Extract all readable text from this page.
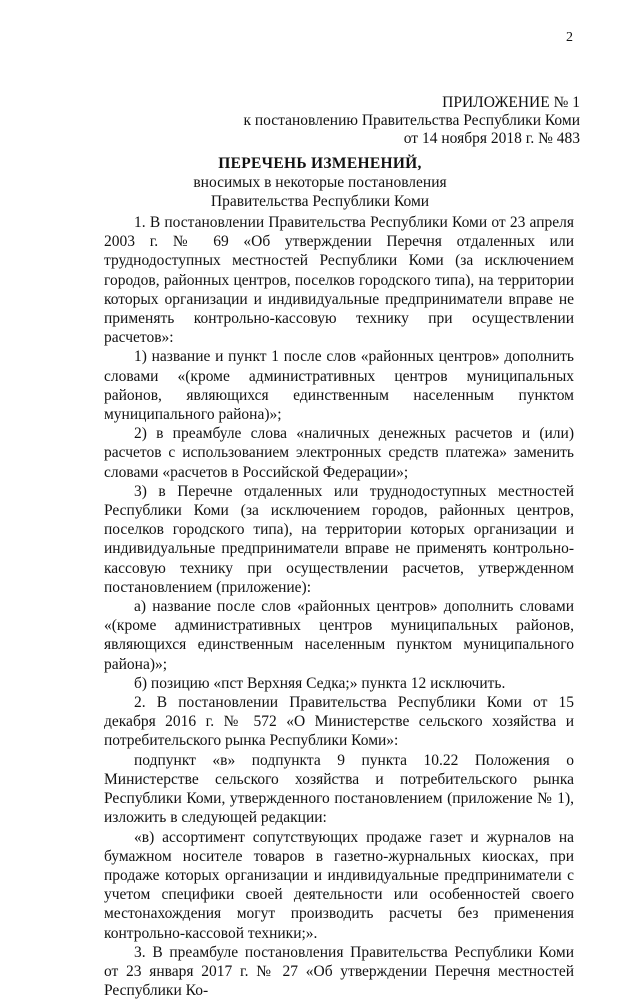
2
ПРИЛОЖЕНИЕ № 1
к постановлению Правительства Республики Коми
от 14 ноября 2018 г. № 483
ПЕРЕЧЕНЬ ИЗМЕНЕНИЙ,
вносимых в некоторые постановления
Правительства Республики Коми

1. В постановлении Правительства Республики Коми от 23 апреля 2003 г. № 69 «Об утверждении Перечня отдаленных или труднодоступных местностей Республики Коми (за исключением городов, районных центров, поселков городского типа), на территории которых организации и индивидуальные предприниматели вправе не применять контрольно-кассовую технику при осуществлении расчетов»:

1) название и пункт 1 после слов «районных центров» дополнить словами «(кроме административных центров муниципальных районов, являющихся единственным населенным пунктом муниципального района)»;

2) в преамбуле слова «наличных денежных расчетов и (или) расчетов с использованием электронных средств платежа» заменить словами «расчетов в Российской Федерации»;

3) в Перечне отдаленных или труднодоступных местностей Республики Коми (за исключением городов, районных центров, поселков городского типа), на территории которых организации и индивидуальные предприниматели вправе не применять контрольно-кассовую технику при осуществлении расчетов, утвержденном постановлением (приложение):

а) название после слов «районных центров» дополнить словами «(кроме административных центров муниципальных районов, являющихся единственным населенным пунктом муниципального района)»;

б) позицию «пст Верхняя Седка;» пункта 12 исключить.

2. В постановлении Правительства Республики Коми от 15 декабря 2016 г. № 572 «О Министерстве сельского хозяйства и потребительского рынка Республики Коми»:

подпункт «в» подпункта 9 пункта 10.22 Положения о Министерстве сельского хозяйства и потребительского рынка Республики Коми, утвержденного постановлением (приложение № 1), изложить в следующей редакции:

«в) ассортимент сопутствующих продаже газет и журналов на бумажном носителе товаров в газетно-журнальных киосках, при продаже которых организации и индивидуальные предприниматели с учетом специфики своей деятельности или особенностей своего местонахождения могут производить расчеты без применения контрольно-кассовой техники;».

3. В преамбуле постановления Правительства Республики Коми от 23 января 2017 г. № 27 «Об утверждении Перечня местностей Республики Ко-
